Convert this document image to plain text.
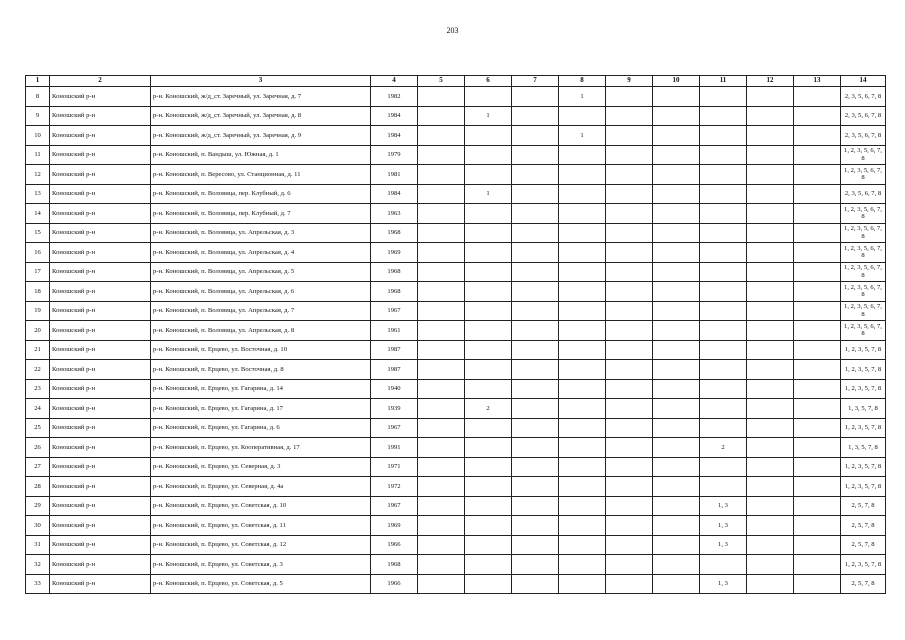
203
1	2	3	4	5	6	7	8	9	10	11	12	13	14
8	Коношский р-н	р-н. Коношский, ж/д_ст. Заречный, ул. Заречная, д. 7	1982				1						2, 3, 5, 6, 7, 8
9	Коношский р-н	р-н. Коношский, ж/д_ст. Заречный, ул. Заречная, д. 8	1984		1								2, 3, 5, 6, 7, 8
10	Коношский р-н	р-н. Коношский, ж/д_ст. Заречный, ул. Заречная, д. 9	1984				1						2, 3, 5, 6, 7, 8
11	Коношский р-н	р-н. Коношский, п. Вандыш, ул. Южная, д. 1	1979										1, 2, 3, 5, 6, 7, 8
12	Коношский р-н	р-н. Коношский, п. Вересово, ул. Станционная, д. 11	1981										1, 2, 3, 5, 6, 7, 8
13	Коношский р-н	р-н. Коношский, п. Воловица, пер. Клубный, д. 6	1984		1								2, 3, 5, 6, 7, 8
14	Коношский р-н	р-н. Коношский, п. Воловица, пер. Клубный, д. 7	1963										1, 2, 3, 5, 6, 7, 8
15	Коношский р-н	р-н. Коношский, п. Воловица, ул. Апрельская, д. 3	1968										1, 2, 3, 5, 6, 7, 8
16	Коношский р-н	р-н. Коношский, п. Воловица, ул. Апрельская, д. 4	1969										1, 2, 3, 5, 6, 7, 8
17	Коношский р-н	р-н. Коношский, п. Воловица, ул. Апрельская, д. 5	1968										1, 2, 3, 5, 6, 7, 8
18	Коношский р-н	р-н. Коношский, п. Воловица, ул. Апрельская, д. 6	1968										1, 2, 3, 5, 6, 7, 8
19	Коношский р-н	р-н. Коношский, п. Воловица, ул. Апрельская, д. 7	1967										1, 2, 3, 5, 6, 7, 8
20	Коношский р-н	р-н. Коношский, п. Воловица, ул. Апрельская, д. 8	1961										1, 2, 3, 5, 6, 7, 8
21	Коношский р-н	р-н. Коношский, п. Ерцево, ул. Восточная, д. 10	1987										1, 2, 3, 5, 7, 8
22	Коношский р-н	р-н. Коношский, п. Ерцево, ул. Восточная, д. 8	1987										1, 2, 3, 5, 7, 8
23	Коношский р-н	р-н. Коношский, п. Ерцево, ул. Гагарина, д. 14	1940										1, 2, 3, 5, 7, 8
24	Коношский р-н	р-н. Коношский, п. Ерцево, ул. Гагарина, д. 17	1939		2								1, 3, 5, 7, 8
25	Коношский р-н	р-н. Коношский, п. Ерцево, ул. Гагарина, д. 6	1967										1, 2, 3, 5, 7, 8
26	Коношский р-н	р-н. Коношский, п. Ерцево, ул. Кооперативная, д. 17	1991							2			1, 3, 5, 7, 8
27	Коношский р-н	р-н. Коношский, п. Ерцево, ул. Северная, д. 3	1971										1, 2, 3, 5, 7, 8
28	Коношский р-н	р-н. Коношский, п. Ерцево, ул. Северная, д. 4а	1972										1, 2, 3, 5, 7, 8
29	Коношский р-н	р-н. Коношский, п. Ерцево, ул. Советская, д. 10	1967							1, 3			2, 5, 7, 8
30	Коношский р-н	р-н. Коношский, п. Ерцево, ул. Советская, д. 11	1969							1, 3			2, 5, 7, 8
31	Коношский р-н	р-н. Коношский, п. Ерцево, ул. Советская, д. 12	1966							1, 3			2, 5, 7, 8
32	Коношский р-н	р-н. Коношский, п. Ерцево, ул. Советская, д. 3	1968										1, 2, 3, 5, 7, 8
33	Коношский р-н	р-н. Коношский, п. Ерцево, ул. Советская, д. 5	1966							1, 3			2, 5, 7, 8
